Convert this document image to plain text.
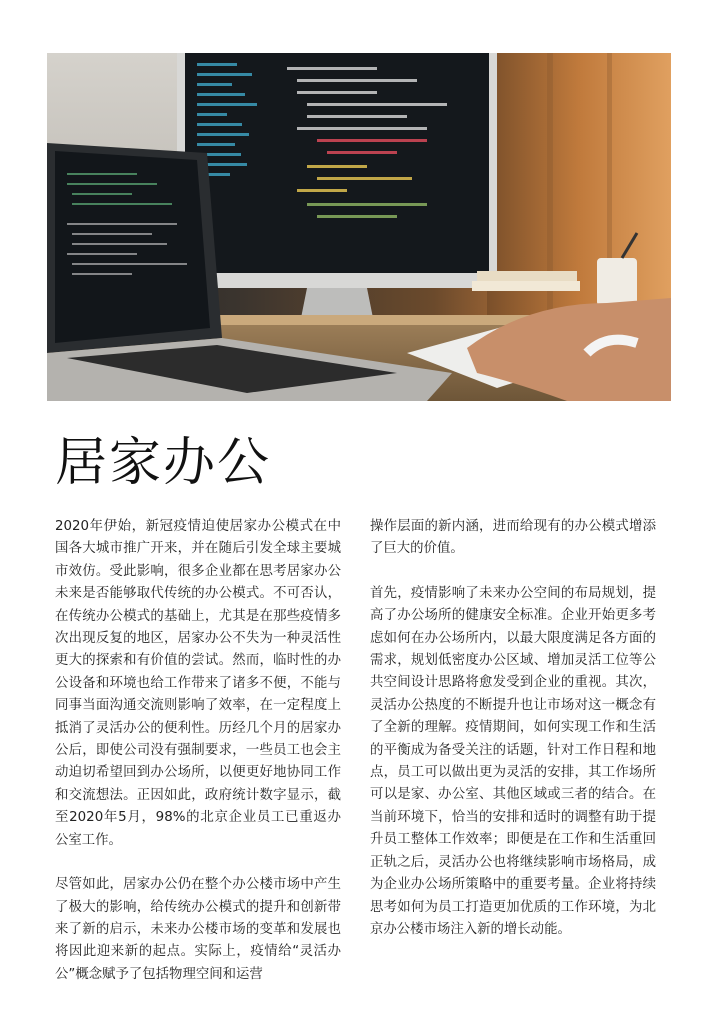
居家办公

2020年伊始，新冠疫情迫使居家办公模式在中国各大城市推广开来，并在随后引发全球主要城市效仿。受此影响，很多企业都在思考居家办公未来是否能够取代传统的办公模式。不可否认，在传统办公模式的基础上，尤其是在那些疫情多次出现反复的地区，居家办公不失为一种灵活性更大的探索和有价值的尝试。然而，临时性的办公设备和环境也给工作带来了诸多不便，不能与同事当面沟通交流则影响了效率，在一定程度上抵消了灵活办公的便利性。历经几个月的居家办公后，即使公司没有强制要求，一些员工也会主动迫切希望回到办公场所，以便更好地协同工作和交流想法。正因如此，政府统计数字显示，截至2020年5月，98%的北京企业员工已重返办公室工作。

尽管如此，居家办公仍在整个办公楼市场中产生了极大的影响，给传统办公模式的提升和创新带来了新的启示，未来办公楼市场的变革和发展也将因此迎来新的起点。实际上，疫情给“灵活办公”概念赋予了包括物理空间和运营

操作层面的新内涵，进而给现有的办公模式增添了巨大的价值。

首先，疫情影响了未来办公空间的布局规划，提高了办公场所的健康安全标准。企业开始更多考虑如何在办公场所内，以最大限度满足各方面的需求，规划低密度办公区域、增加灵活工位等公共空间设计思路将愈发受到企业的重视。其次，灵活办公热度的不断提升也让市场对这一概念有了全新的理解。疫情期间，如何实现工作和生活的平衡成为备受关注的话题，针对工作日程和地点，员工可以做出更为灵活的安排，其工作场所可以是家、办公室、其他区域或三者的结合。在当前环境下，恰当的安排和适时的调整有助于提升员工整体工作效率；即便是在工作和生活重回正轨之后，灵活办公也将继续影响市场格局，成为企业办公场所策略中的重要考量。企业将持续思考如何为员工打造更加优质的工作环境，为北京办公楼市场注入新的增长动能。
